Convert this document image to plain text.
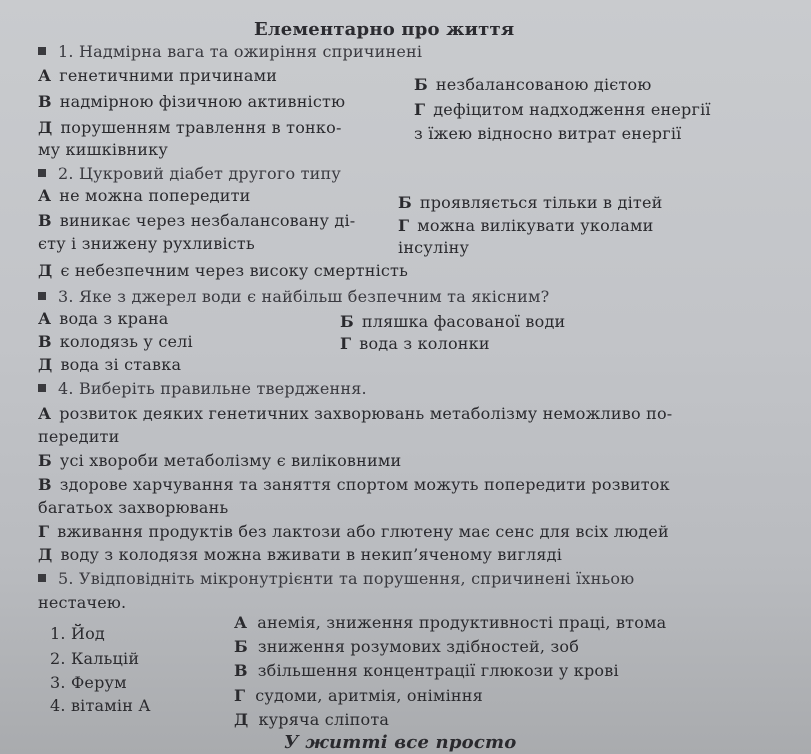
Елементарно про життя
1. Надмірна вага та ожиріння спричинені
А генетичними причинами	Б незбалансованою дієтою
В надмірною фізичною активністю	Г дефіцитом надходження енергії
з їжею відносно витрат енергії
Д порушенням травлення в тонко-
му кишківнику
2. Цукровий діабет другого типу
А не можна попередити	Б проявляється тільки в дітей
В виникає через незбалансовану ді-
єту і знижену рухливість
Г можна вилікувати уколами
інсуліну
Д є небезпечним через високу смертність
3. Яке з джерел води є найбільш безпечним та якісним?
А вода з крана	Б пляшка фасованої води
В колодязь у селі	Г вода з колонки
Д вода зі ставка
4. Виберіть правильне твердження.
А розвиток деяких генетичних захворювань метаболізму неможливо по-
передити
Б усі хвороби метаболізму є виліковними
В здорове харчування та заняття спортом можуть попередити розвиток
багатьох захворювань
Г вживання продуктів без лактози або глютену має сенс для всіх людей
Д воду з колодязя можна вживати в некип’яченому вигляді
5. Увідповідніть мікронутрієнти та порушення, спричинені їхньою
нестачею.
1. Йод
2. Кальцій
3. Ферум
4. вітамін А
А анемія, зниження продуктивності праці, втома
Б зниження розумових здібностей, зоб
В збільшення концентрації глюкози у крові
Г судоми, аритмія, оніміння
Д куряча сліпота
У житті все просто
